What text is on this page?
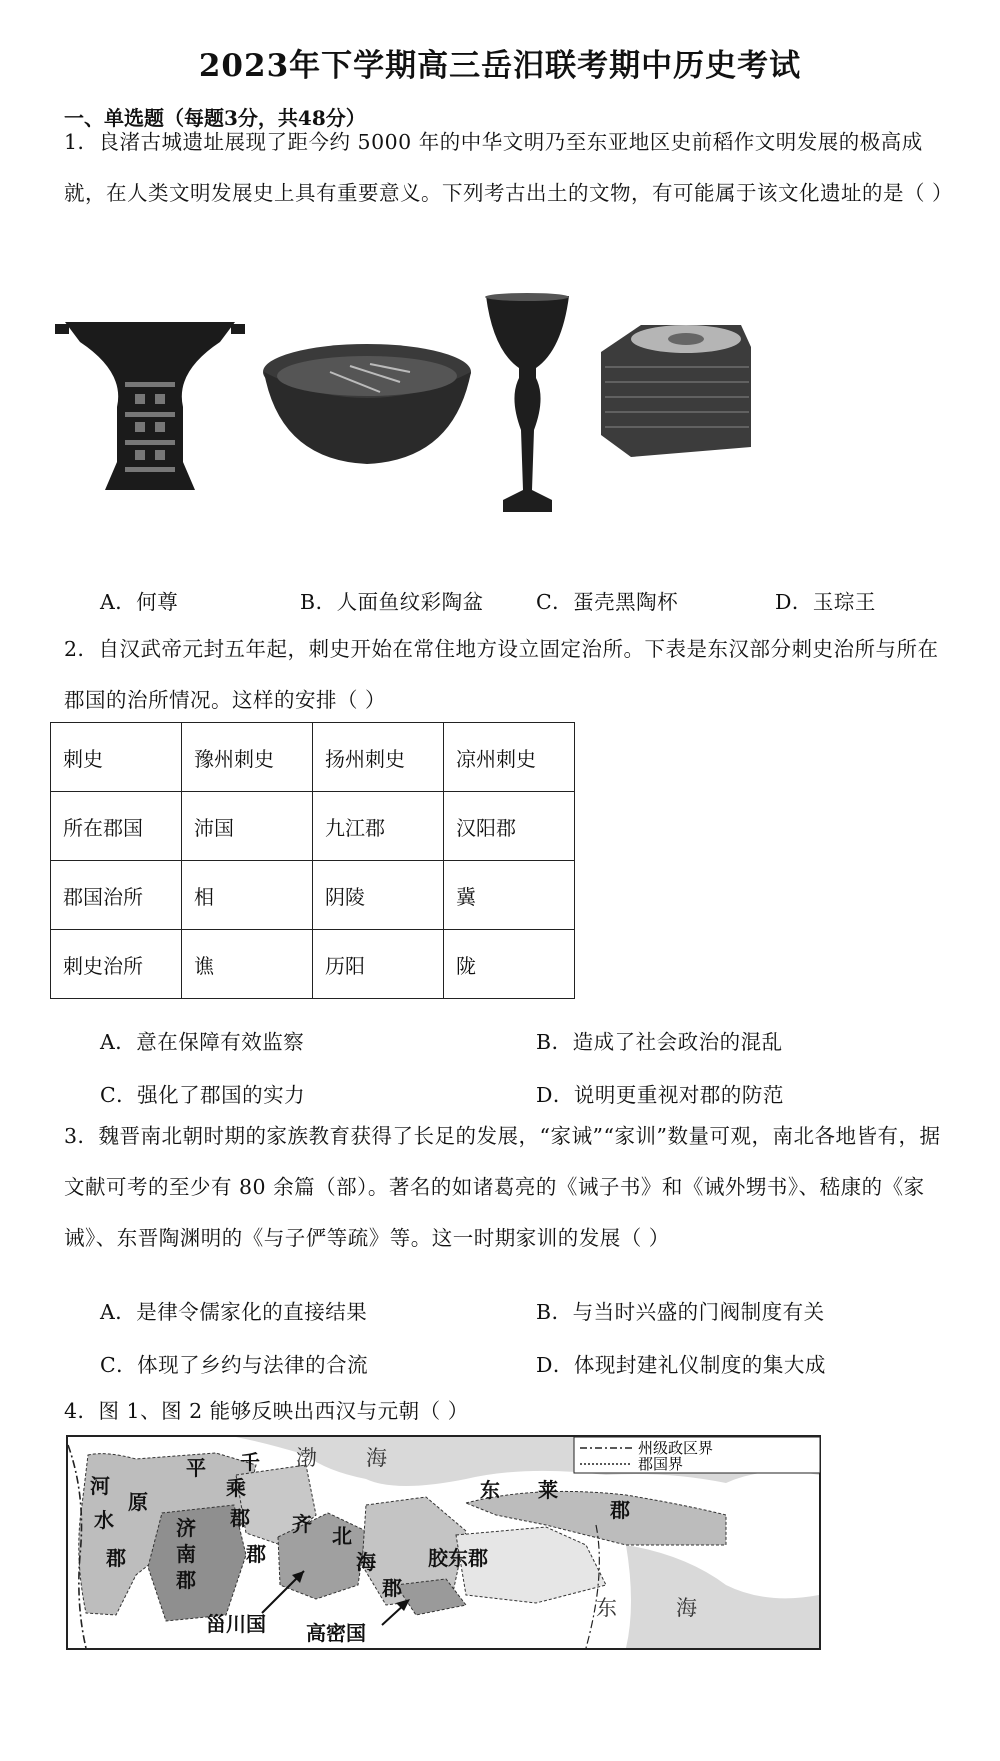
2023年下学期高三岳汨联考期中历史考试
一、单选题（每题3分，共48分）
1．良渚古城遗址展现了距今约 5000 年的中华文明乃至东亚地区史前稻作文明发展的极高成就，在人类文明发展史上具有重要意义。下列考古出土的文物，有可能属于该文化遗址的是（ ）
A．何尊	B．人面鱼纹彩陶盆	C．蛋壳黑陶杯	D．玉琮王
2．自汉武帝元封五年起，刺史开始在常住地方设立固定治所。下表是东汉部分刺史治所与所在郡国的治所情况。这样的安排（ ）
刺史	豫州刺史	扬州刺史	凉州刺史
所在郡国	沛国	九江郡	汉阳郡
郡国治所	相	阴陵	冀
刺史治所	谯	历阳	陇
A．意在保障有效监察	B．造成了社会政治的混乱
C．强化了郡国的实力	D．说明更重视对郡的防范
3．魏晋南北朝时期的家族教育获得了长足的发展，“家诫”“家训”数量可观，南北各地皆有，据文献可考的至少有 80 余篇（部）。著名的如诸葛亮的《诫子书》和《诫外甥书》、嵇康的《家诫》、东晋陶渊明的《与子俨等疏》等。这一时期家训的发展（ ）
A．是律令儒家化的直接结果	B．与当时兴盛的门阀制度有关
C．体现了乡约与法律的合流	D．体现封建礼仪制度的集大成
4．图 1、图 2 能够反映出西汉与元朝（ ）
州级政区界
郡国界
渤 海
河
水
郡
平
原
济
南
郡
千
乘
郡 齐
郡
北
海
郡
东 莱
郡
胶东郡
甾川国 高密国
东	海
